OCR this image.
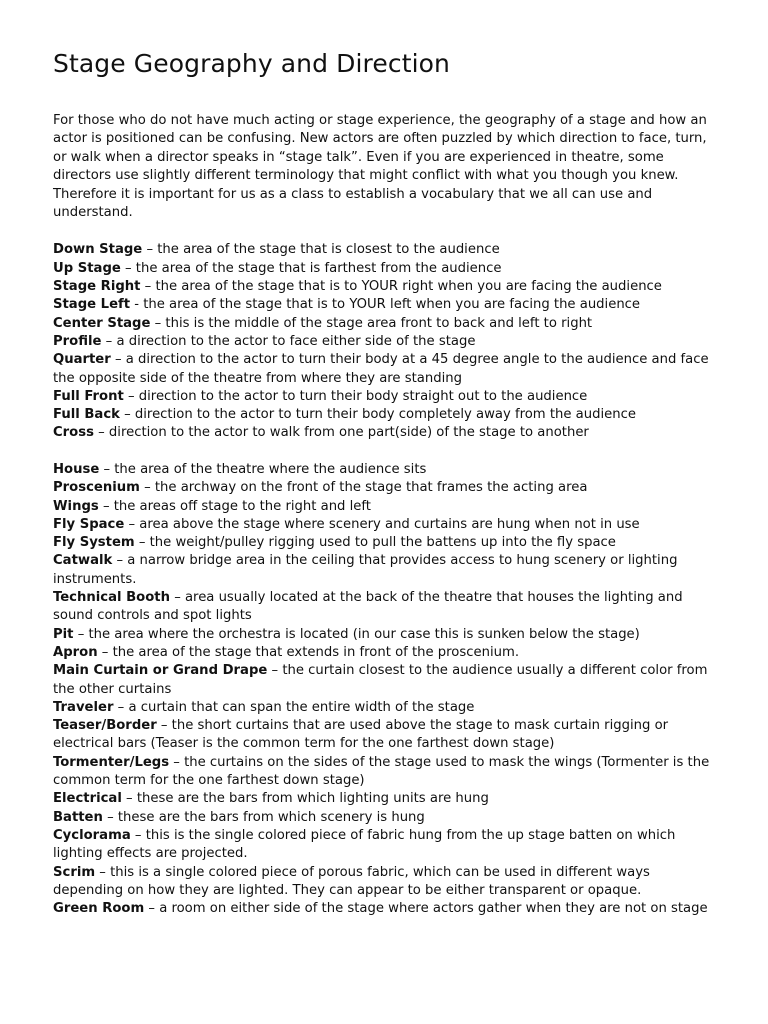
Stage Geography and Direction

For those who do not have much acting or stage experience, the geography of a stage and how an actor is positioned can be confusing. New actors are often puzzled by which direction to face, turn, or walk when a director speaks in “stage talk”. Even if you are experienced in theatre, some directors use slightly different terminology that might conflict with what you though you knew. Therefore it is important for us as a class to establish a vocabulary that we all can use and understand.

Down Stage – the area of the stage that is closest to the audience
Up Stage – the area of the stage that is farthest from the audience
Stage Right – the area of the stage that is to YOUR right when you are facing the audience
Stage Left - the area of the stage that is to YOUR left when you are facing the audience
Center Stage – this is the middle of the stage area front to back and left to right
Profile – a direction to the actor to face either side of the stage
Quarter – a direction to the actor to turn their body at a 45 degree angle to the audience and face the opposite side of the theatre from where they are standing
Full Front – direction to the actor to turn their body straight out to the audience
Full Back – direction to the actor to turn their body completely away from the audience
Cross – direction to the actor to walk from one part(side) of the stage to another
House – the area of the theatre where the audience sits
Proscenium – the archway on the front of the stage that frames the acting area
Wings – the areas off stage to the right and left
Fly Space – area above the stage where scenery and curtains are hung when not in use
Fly System – the weight/pulley rigging used to pull the battens up into the fly space
Catwalk – a narrow bridge area in the ceiling that provides access to hung scenery or lighting instruments.
Technical Booth – area usually located at the back of the theatre that houses the lighting and sound controls and spot lights
Pit – the area where the orchestra is located (in our case this is sunken below the stage)
Apron – the area of the stage that extends in front of the proscenium.
Main Curtain or Grand Drape – the curtain closest to the audience usually a different color from the other curtains
Traveler – a curtain that can span the entire width of the stage
Teaser/Border – the short curtains that are used above the stage to mask curtain rigging or electrical bars (Teaser is the common term for the one farthest down stage)
Tormenter/Legs – the curtains on the sides of the stage used to mask the wings (Tormenter is the common term for the one farthest down stage)
Electrical – these are the bars from which lighting units are hung
Batten – these are the bars from which scenery is hung
Cyclorama – this is the single colored piece of fabric hung from the up stage batten on which lighting effects are projected.
Scrim – this is a single colored piece of porous fabric, which can be used in different ways depending on how they are lighted. They can appear to be either transparent or opaque.
Green Room – a room on either side of the stage where actors gather when they are not on stage
